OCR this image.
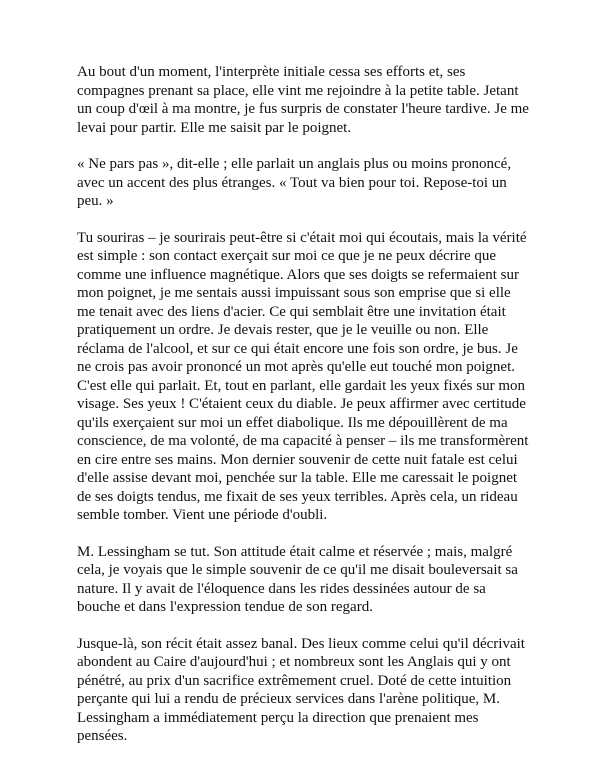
Au bout d'un moment, l'interprète initiale cessa ses efforts et, ses compagnes prenant sa place, elle vint me rejoindre à la petite table. Jetant un coup d'œil à ma montre, je fus surpris de constater l'heure tardive. Je me levai pour partir. Elle me saisit par le poignet.

« Ne pars pas », dit-elle ; elle parlait un anglais plus ou moins prononcé, avec un accent des plus étranges. « Tout va bien pour toi. Repose-toi un peu. »

Tu souriras – je sourirais peut-être si c'était moi qui écoutais, mais la vérité est simple : son contact exerçait sur moi ce que je ne peux décrire que comme une influence magnétique. Alors que ses doigts se refermaient sur mon poignet, je me sentais aussi impuissant sous son emprise que si elle me tenait avec des liens d'acier. Ce qui semblait être une invitation était pratiquement un ordre. Je devais rester, que je le veuille ou non. Elle réclama de l'alcool, et sur ce qui était encore une fois son ordre, je bus. Je ne crois pas avoir prononcé un mot après qu'elle eut touché mon poignet. C'est elle qui parlait. Et, tout en parlant, elle gardait les yeux fixés sur mon visage. Ses yeux ! C'étaient ceux du diable. Je peux affirmer avec certitude qu'ils exerçaient sur moi un effet diabolique. Ils me dépouillèrent de ma conscience, de ma volonté, de ma capacité à penser – ils me transformèrent en cire entre ses mains. Mon dernier souvenir de cette nuit fatale est celui d'elle assise devant moi, penchée sur la table. Elle me caressait le poignet de ses doigts tendus, me fixait de ses yeux terribles. Après cela, un rideau semble tomber. Vient une période d'oubli.

M. Lessingham se tut. Son attitude était calme et réservée ; mais, malgré cela, je voyais que le simple souvenir de ce qu'il me disait bouleversait sa nature. Il y avait de l'éloquence dans les rides dessinées autour de sa bouche et dans l'expression tendue de son regard.

Jusque-là, son récit était assez banal. Des lieux comme celui qu'il décrivait abondent au Caire d'aujourd'hui ; et nombreux sont les Anglais qui y ont pénétré, au prix d'un sacrifice extrêmement cruel. Doté de cette intuition perçante qui lui a rendu de précieux services dans l'arène politique, M. Lessingham a immédiatement perçu la direction que prenaient mes pensées.
